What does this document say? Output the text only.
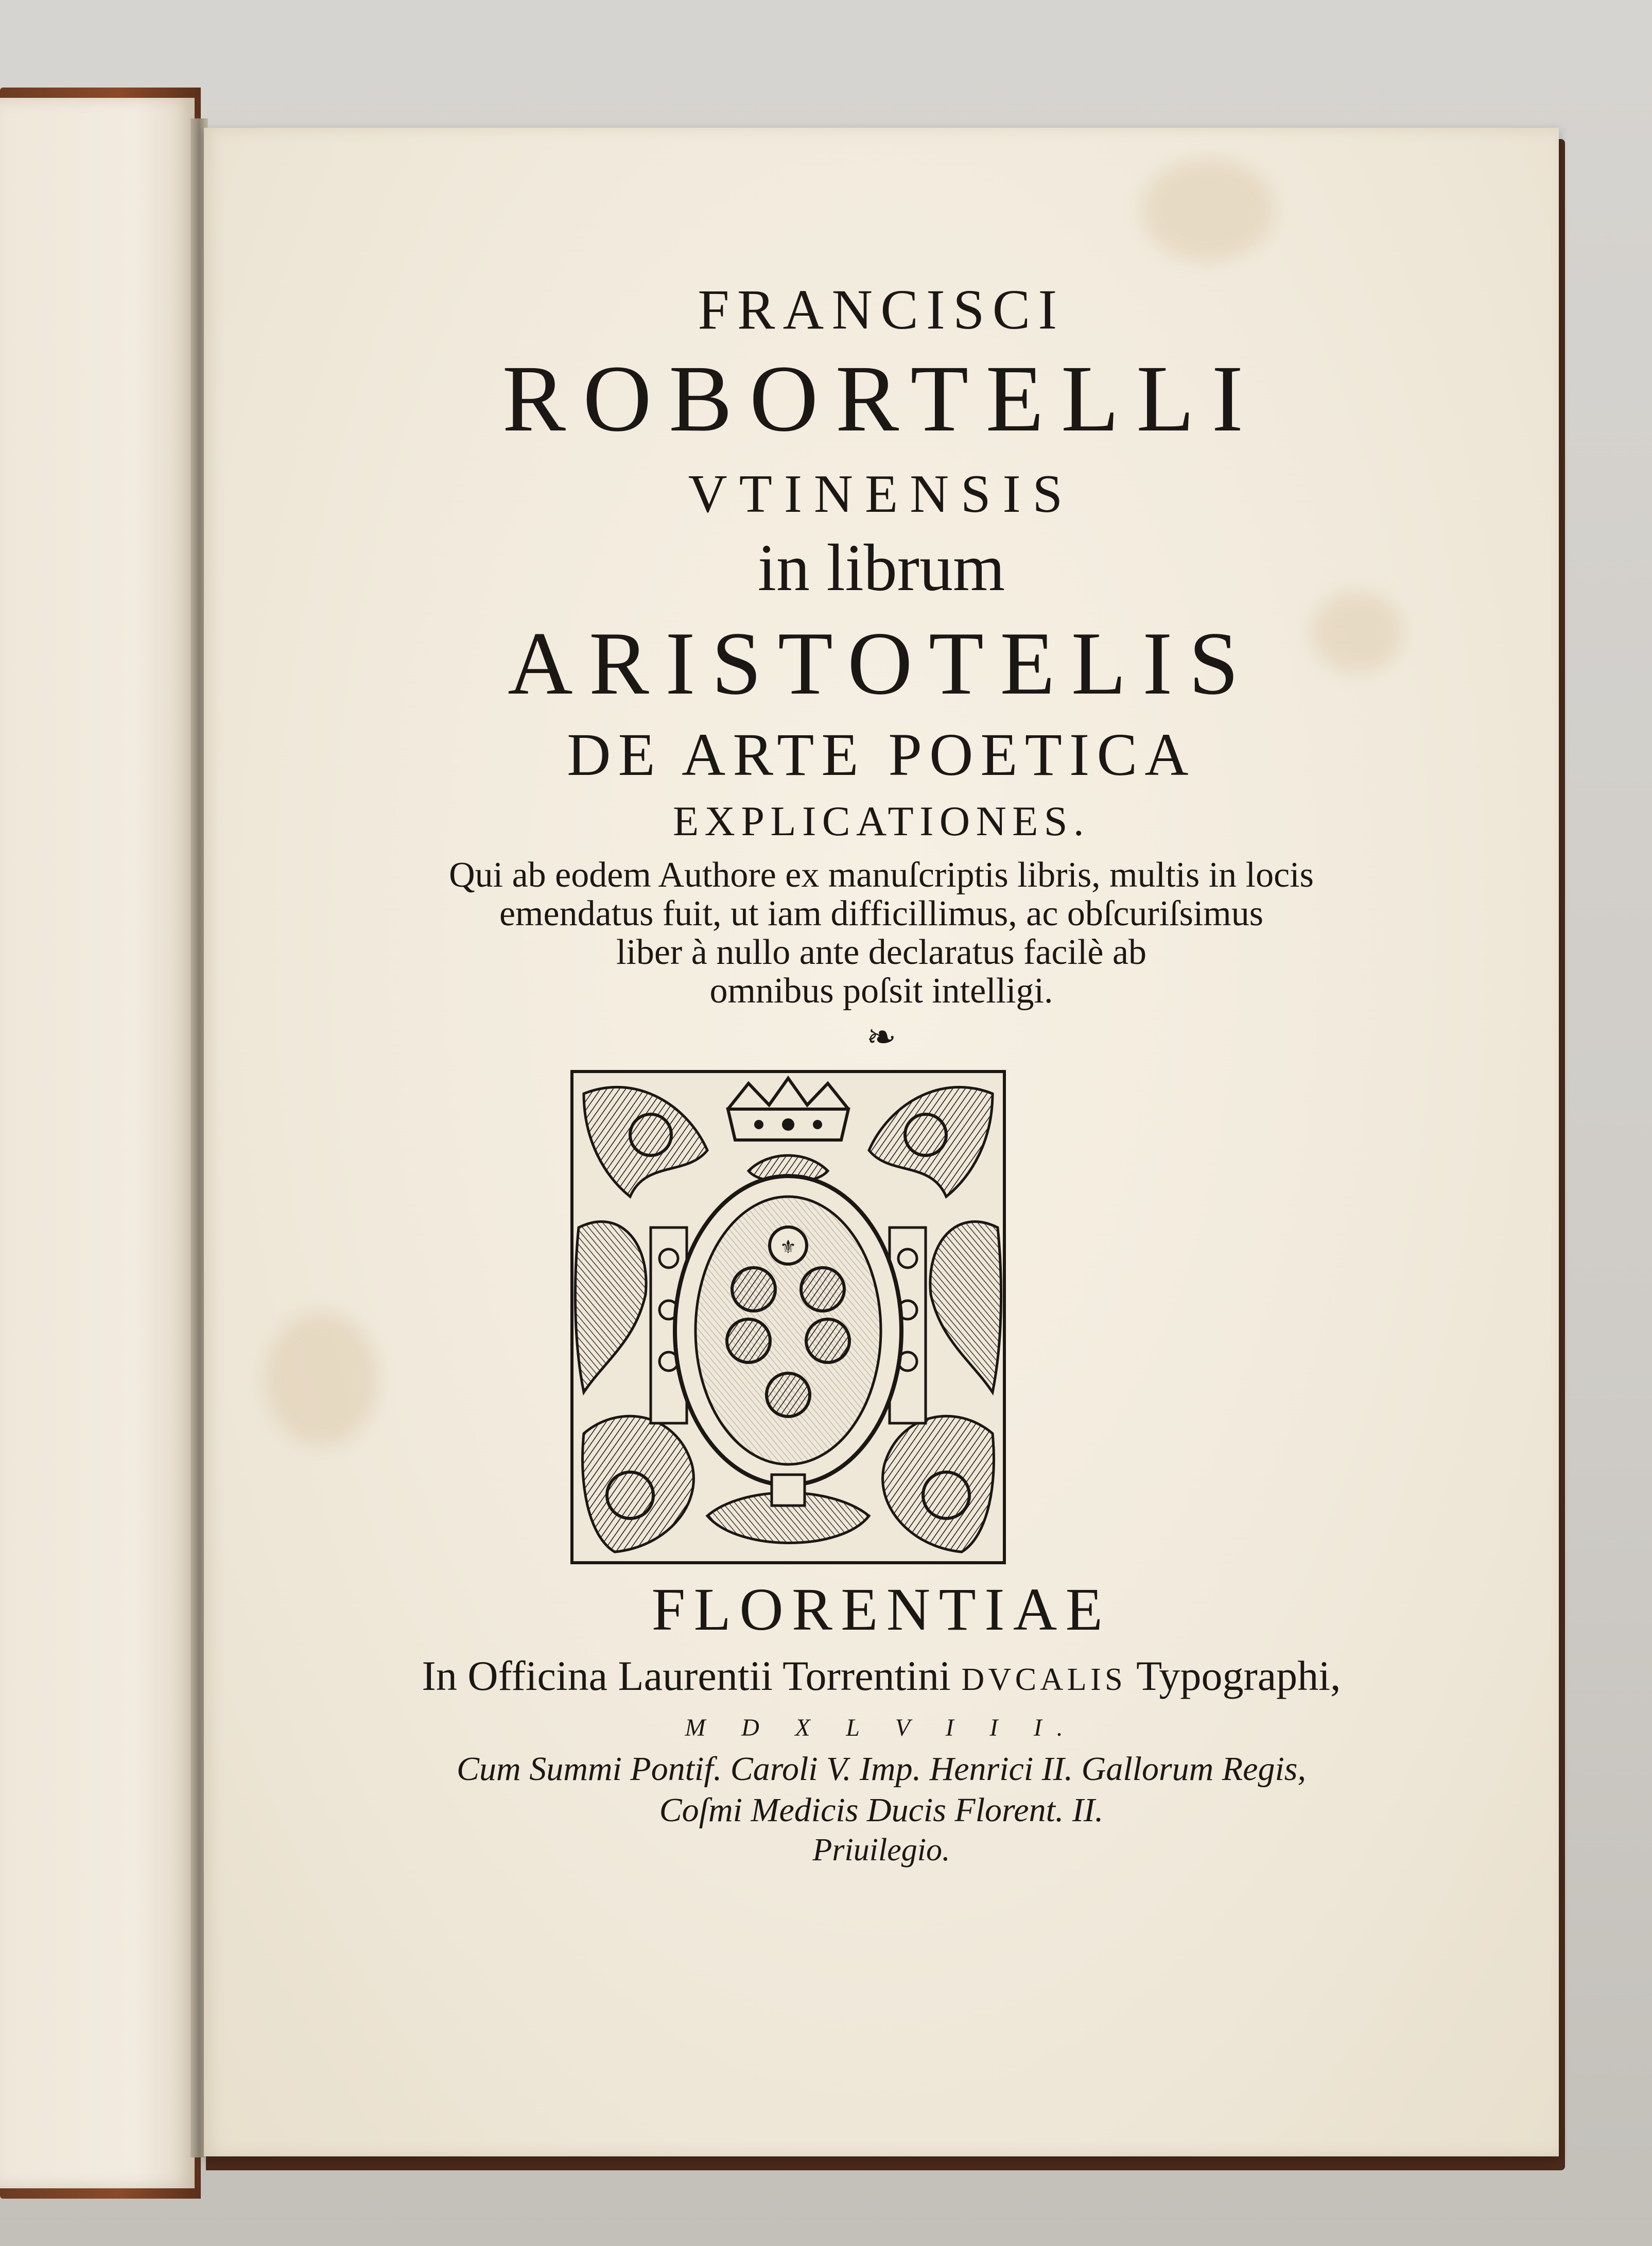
FRANCISCI
ROBORTELLI
VTINENSIS
in librum
ARISTOTELIS
DE ARTE POETICA
EXPLICATIONES.
Qui ab eodem Authore ex manuſcriptis libris, multis in locis
emendatus fuit, ut iam difficillimus, ac obſcuriſsimus
liber à nullo ante declaratus facilè ab
omnibus poſsit intelligi.
❧
⚜
FLORENTIAE
In Officina Laurentii Torrentini DVCALIS Typographi,
M D X L V I I I.
Cum Summi Pontif. Caroli V. Imp. Henrici II. Gallorum Regis,
Coſmi Medicis Ducis Florent. II.
Priuilegio.
